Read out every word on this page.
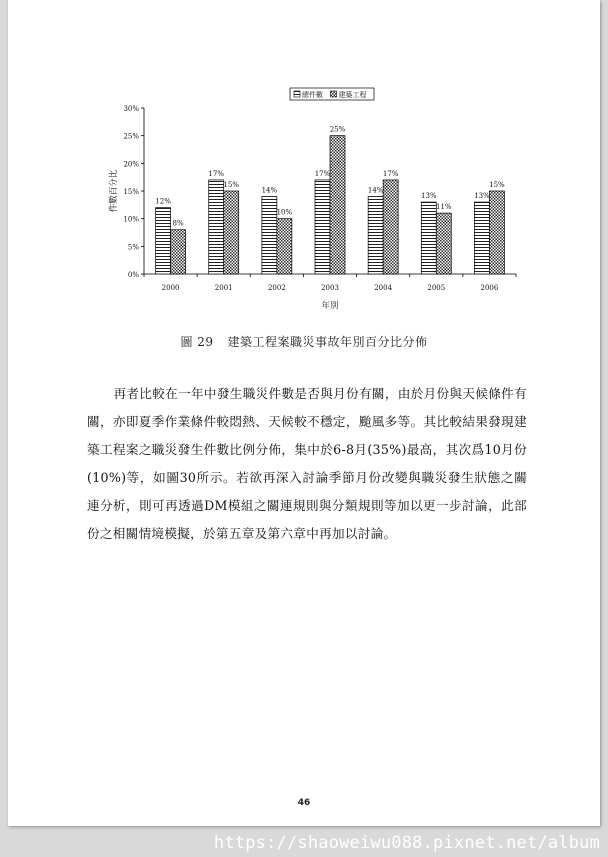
0%
5%
10%
15%
20%
25%
30%
件數百分比
2000	2001	2002	2003	2004	2005	2006
年別
12%
17%
14%
17%
14%
13%	13%
8%
15%
10%
25%
17%
11%
15%
總件數 建築工程
圖 29 建築工程案職災事故年別百分比分佈
再者比較在一年中發生職災件數是否與月份有關，由於月份與天候條件有關，亦即夏季作業條件較悶熱、天候較不穩定，颱風多等。其比較結果發現建築工程案之職災發生件數比例分佈，集中於6-8月(35%)最高，其次爲10月份(10%)等，如圖30所示。若欲再深入討論季節月份改變與職災發生狀態之關連分析，則可再透過DM模組之關連規則與分類規則等加以更一步討論，此部份之相關情境模擬，於第五章及第六章中再加以討論。
46
https://shaoweiwu088.pixnet.net/album
